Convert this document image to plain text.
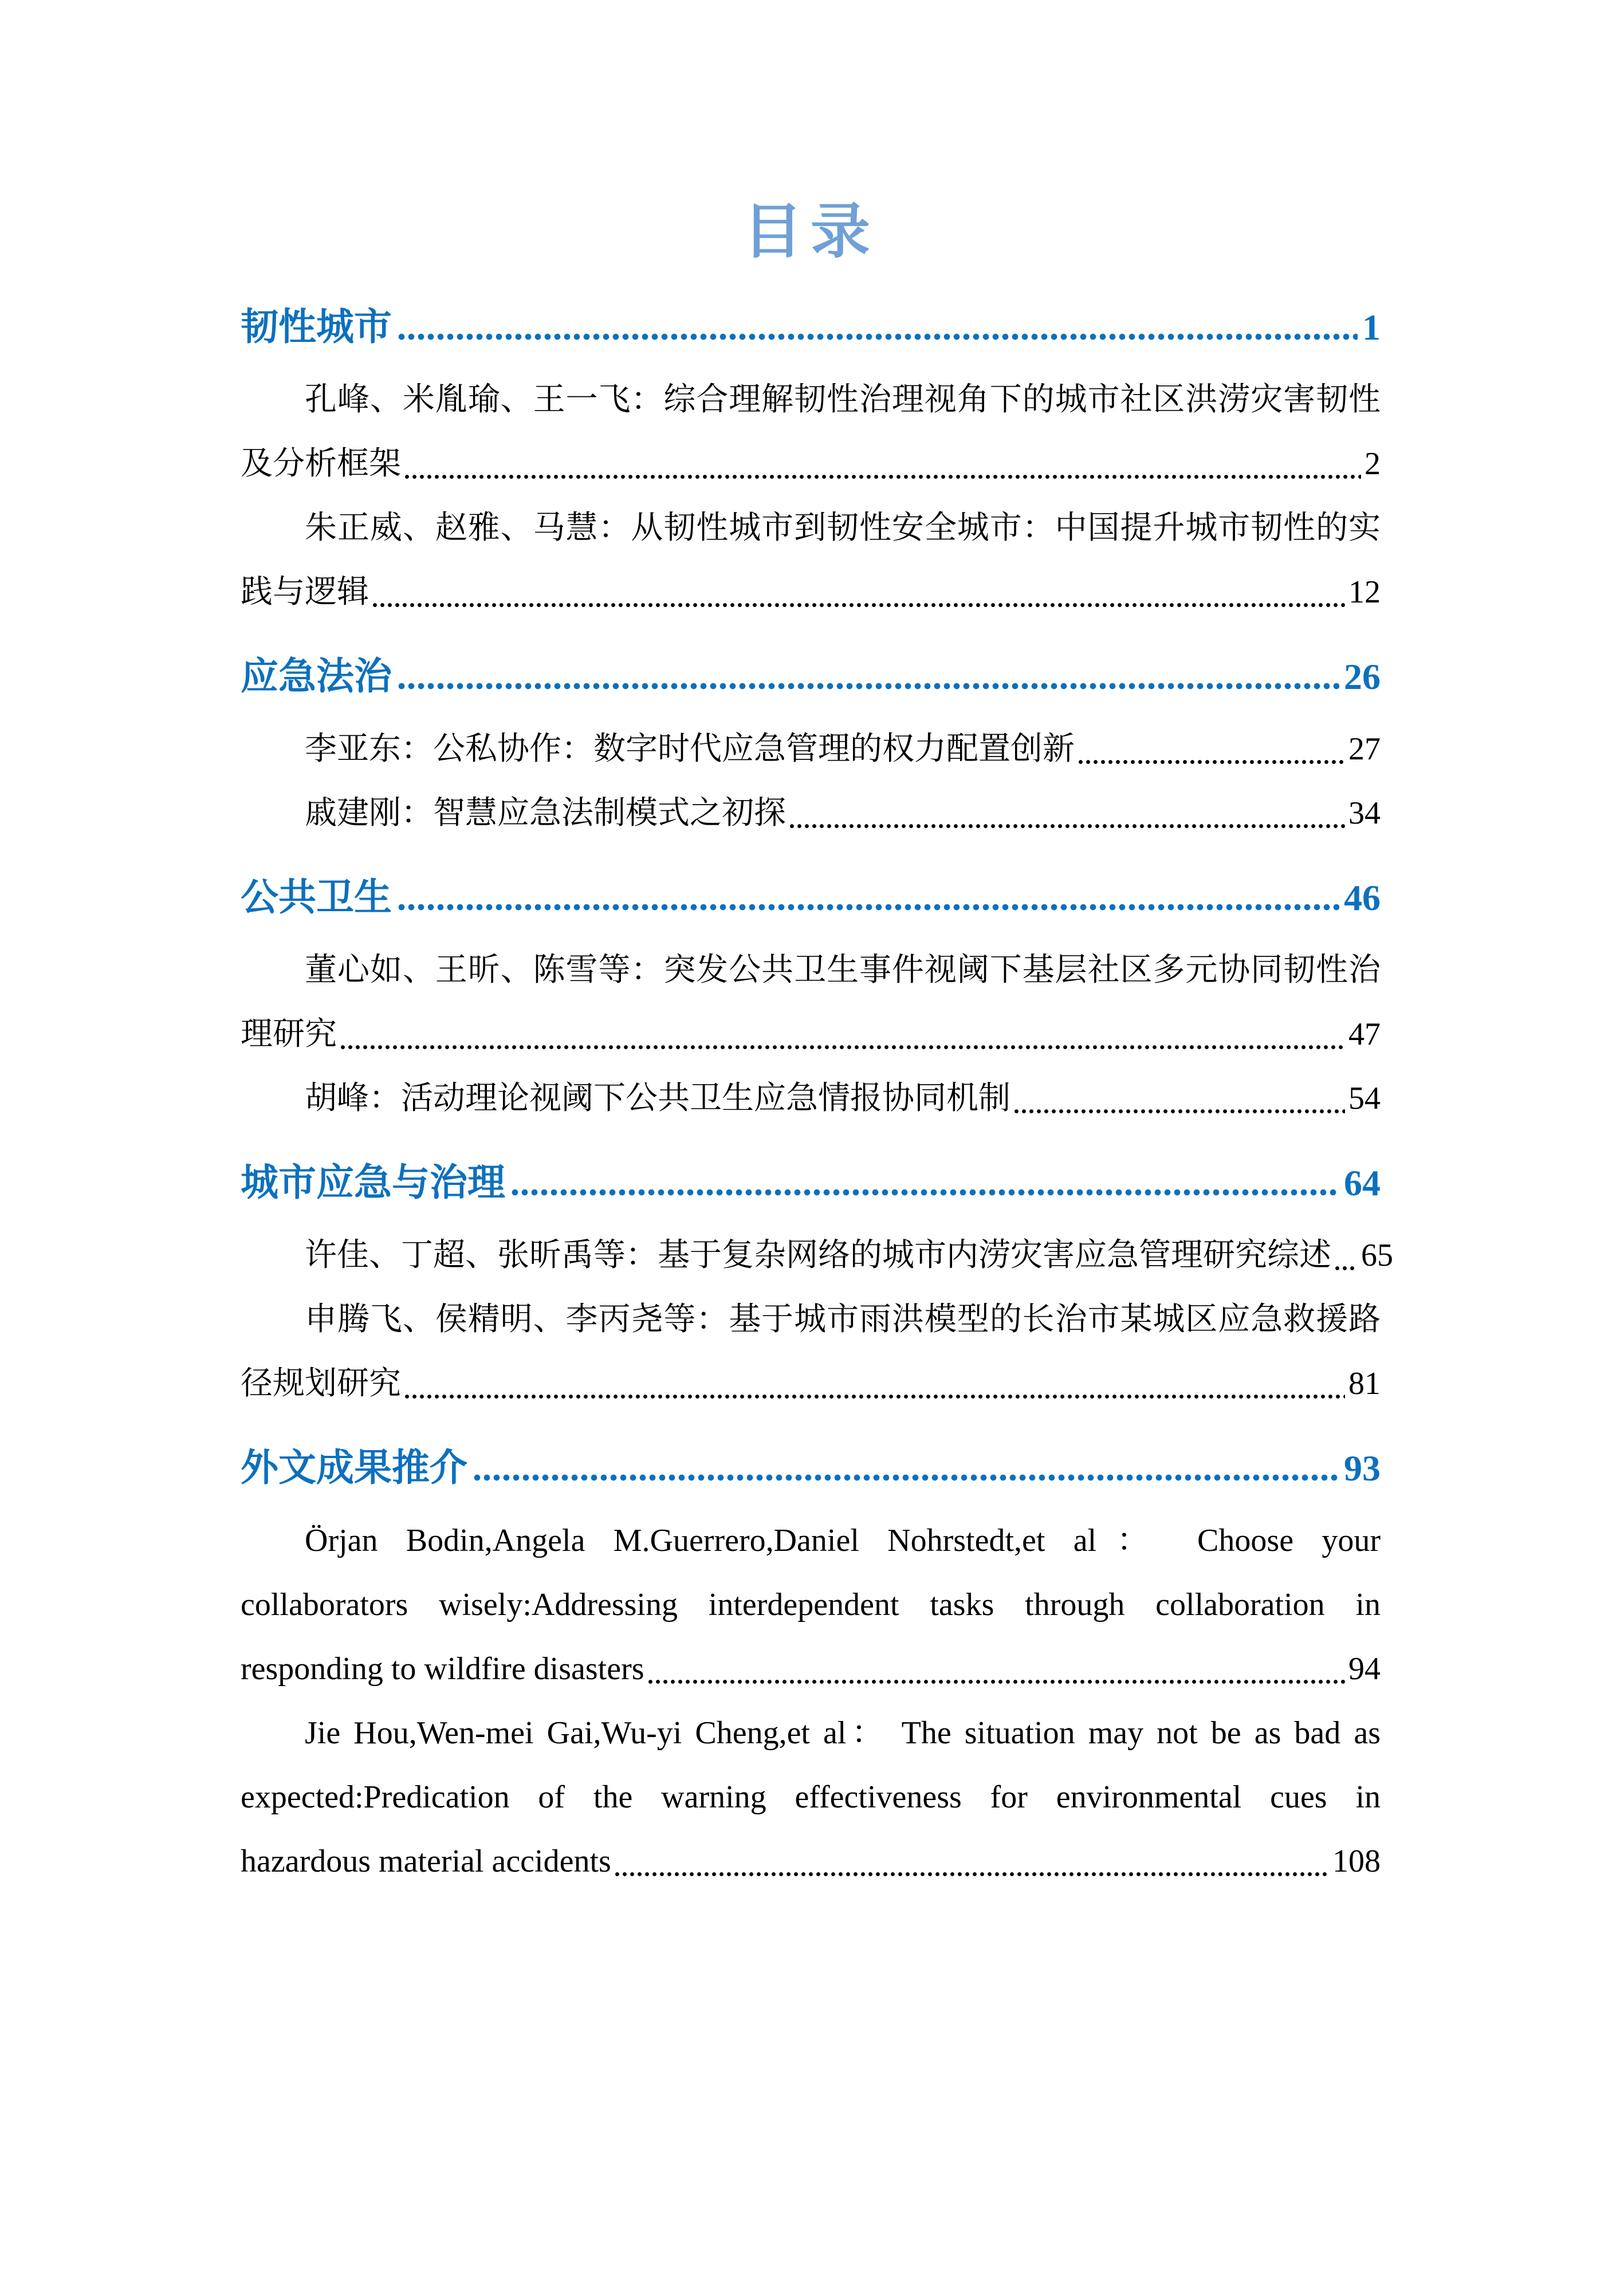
目录
韧性城市	1
孔峰、米胤瑜、王一飞：综合理解韧性治理视角下的城市社区洪涝灾害韧性
及分析框架	2
朱正威、赵雅、马慧：从韧性城市到韧性安全城市：中国提升城市韧性的实
践与逻辑	12
应急法治	26
李亚东：公私协作：数字时代应急管理的权力配置创新	27
戚建刚：智慧应急法制模式之初探	34
公共卫生	46
董心如、王昕、陈雪等：突发公共卫生事件视阈下基层社区多元协同韧性治
理研究	47
胡峰：活动理论视阈下公共卫生应急情报协同机制	54
城市应急与治理	64
许佳、丁超、张昕禹等：基于复杂网络的城市内涝灾害应急管理研究综述 65
申腾飞、侯精明、李丙尧等：基于城市雨洪模型的长治市某城区应急救援路
径规划研究	81
外文成果推介	93
Örjan Bodin,Angela M.Guerrero,Daniel Nohrstedt,et al： Choose your
collaborators wisely:Addressing interdependent tasks through collaboration in
responding to wildfire disasters	94
Jie Hou,Wen-mei Gai,Wu-yi Cheng,et al： The situation may not be as bad as
expected:Predication of the warning effectiveness for environmental cues in
hazardous material accidents	108
